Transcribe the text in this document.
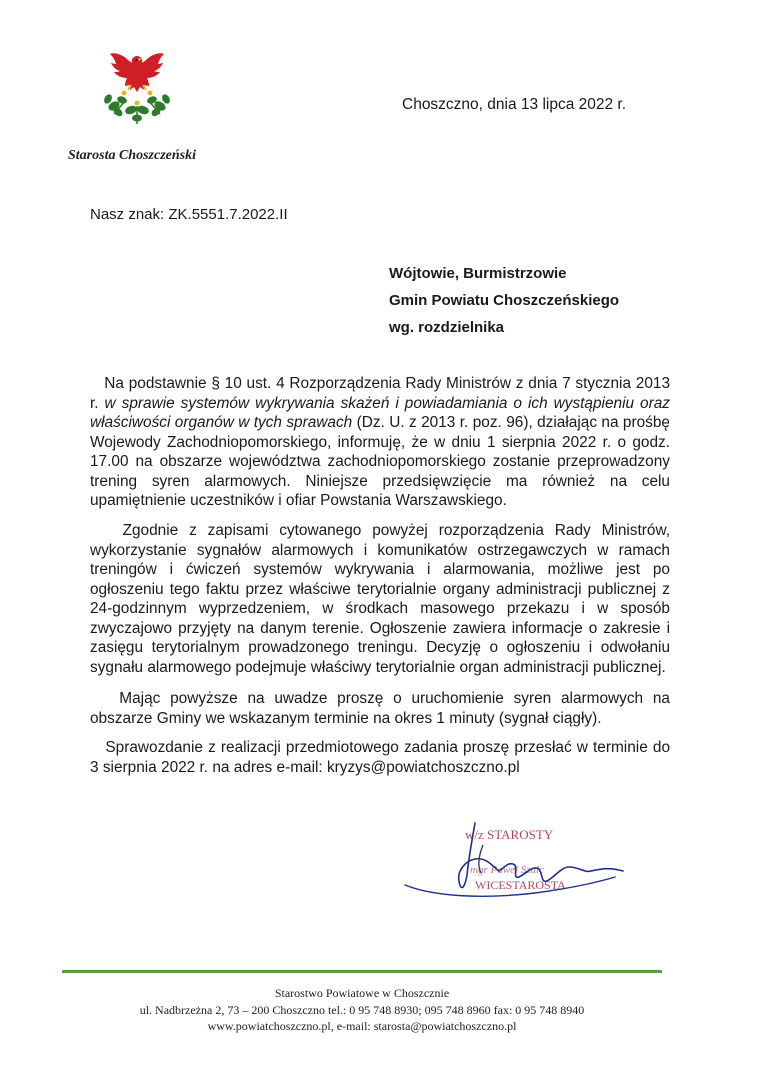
Starosta Choszczeński
Choszczno, dnia 13 lipca 2022 r.
Nasz znak: ZK.5551.7.2022.II
Wójtowie, Burmistrzowie
Gmin Powiatu Choszczeńskiego
wg. rozdzielnika
Na podstawnie § 10 ust. 4 Rozporządzenia Rady Ministrów z dnia 7 stycznia 2013 r. w sprawie systemów wykrywania skażeń i powiadamiania o ich wystąpieniu oraz właściwości organów w tych sprawach (Dz. U. z 2013 r. poz. 96), działając na prośbę Wojewody Zachodniopomorskiego, informuję, że w dniu 1 sierpnia 2022 r. o godz. 17.00 na obszarze województwa zachodniopomorskiego zostanie przeprowadzony trening syren alarmowych. Niniejsze przedsięwzięcie ma również na celu upamiętnienie uczestników i ofiar Powstania Warszawskiego.
Zgodnie z zapisami cytowanego powyżej rozporządzenia Rady Ministrów, wykorzystanie sygnałów alarmowych i komunikatów ostrzegawczych w ramach treningów i ćwiczeń systemów wykrywania i alarmowania, możliwe jest po ogłoszeniu tego faktu przez właściwe terytorialnie organy administracji publicznej z 24-godzinnym wyprzedzeniem, w środkach masowego przekazu i w sposób zwyczajowo przyjęty na danym terenie. Ogłoszenie zawiera informacje o zakresie i zasięgu terytorialnym prowadzonego treningu. Decyzję o ogłoszeniu i odwołaniu sygnału alarmowego podejmuje właściwy terytorialnie organ administracji publicznej.
Mając powyższe na uwadze proszę o uruchomienie syren alarmowych na obszarze Gminy we wskazanym terminie na okres 1 minuty (sygnał ciągły).
Sprawozdanie z realizacji przedmiotowego zadania proszę przesłać w terminie do 3 sierpnia 2022 r. na adres e-mail: kryzys@powiatchoszczno.pl
w/z STAROSTY
mgr Paweł Szulc
WICESTAROSTA
Starostwo Powiatowe w Choszcznie
ul. Nadbrzeżna 2, 73 – 200 Choszczno tel.: 0 95 748 8930; 095 748 8960 fax: 0 95 748 8940
www.powiatchoszczno.pl, e-mail: starosta@powiatchoszczno.pl
